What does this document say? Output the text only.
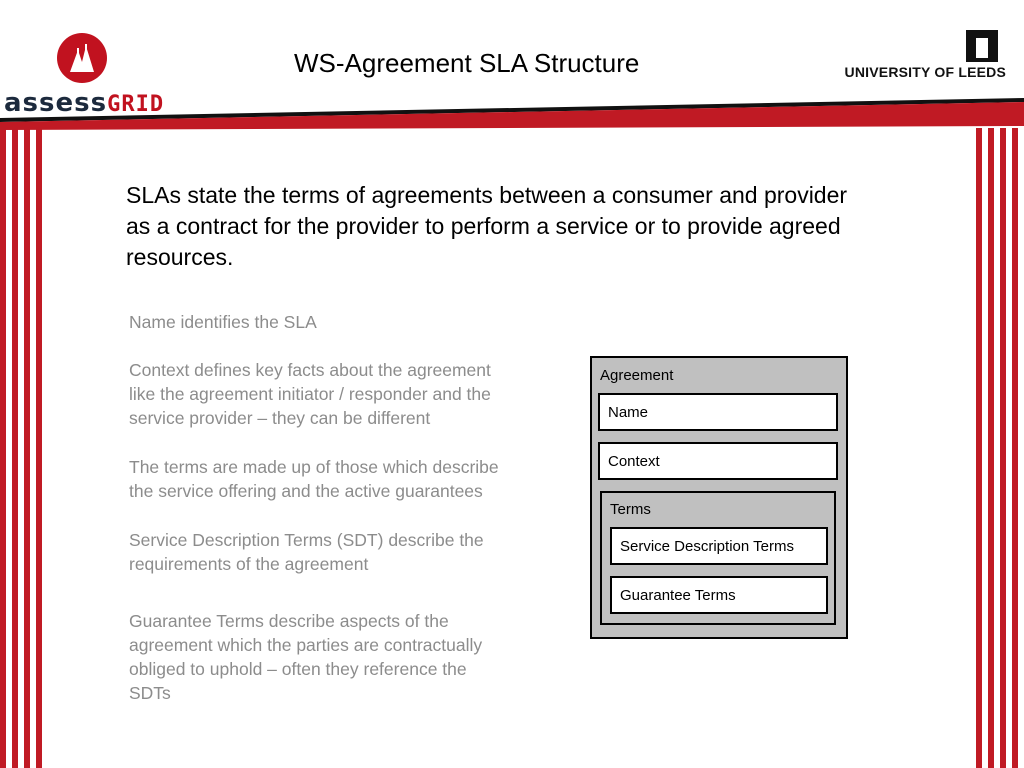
assessGRID
WS-Agreement SLA Structure	UNIVERSITY OF LEEDS
SLAs state the terms of agreements between a consumer and provider as a contract for the provider to perform a service or to provide agreed resources.

Name identifies the SLA

Context defines key facts about the agreement like the agreement initiator / responder and the service provider – they can be different

The terms are made up of those which describe the service offering and the active guarantees

Service Description Terms (SDT) describe the requirements of the agreement

Guarantee Terms describe aspects of the agreement which the parties are contractually obliged to uphold – often they reference the SDTs

Agreement
Name
Context
Terms
Service Description Terms
Guarantee Terms
